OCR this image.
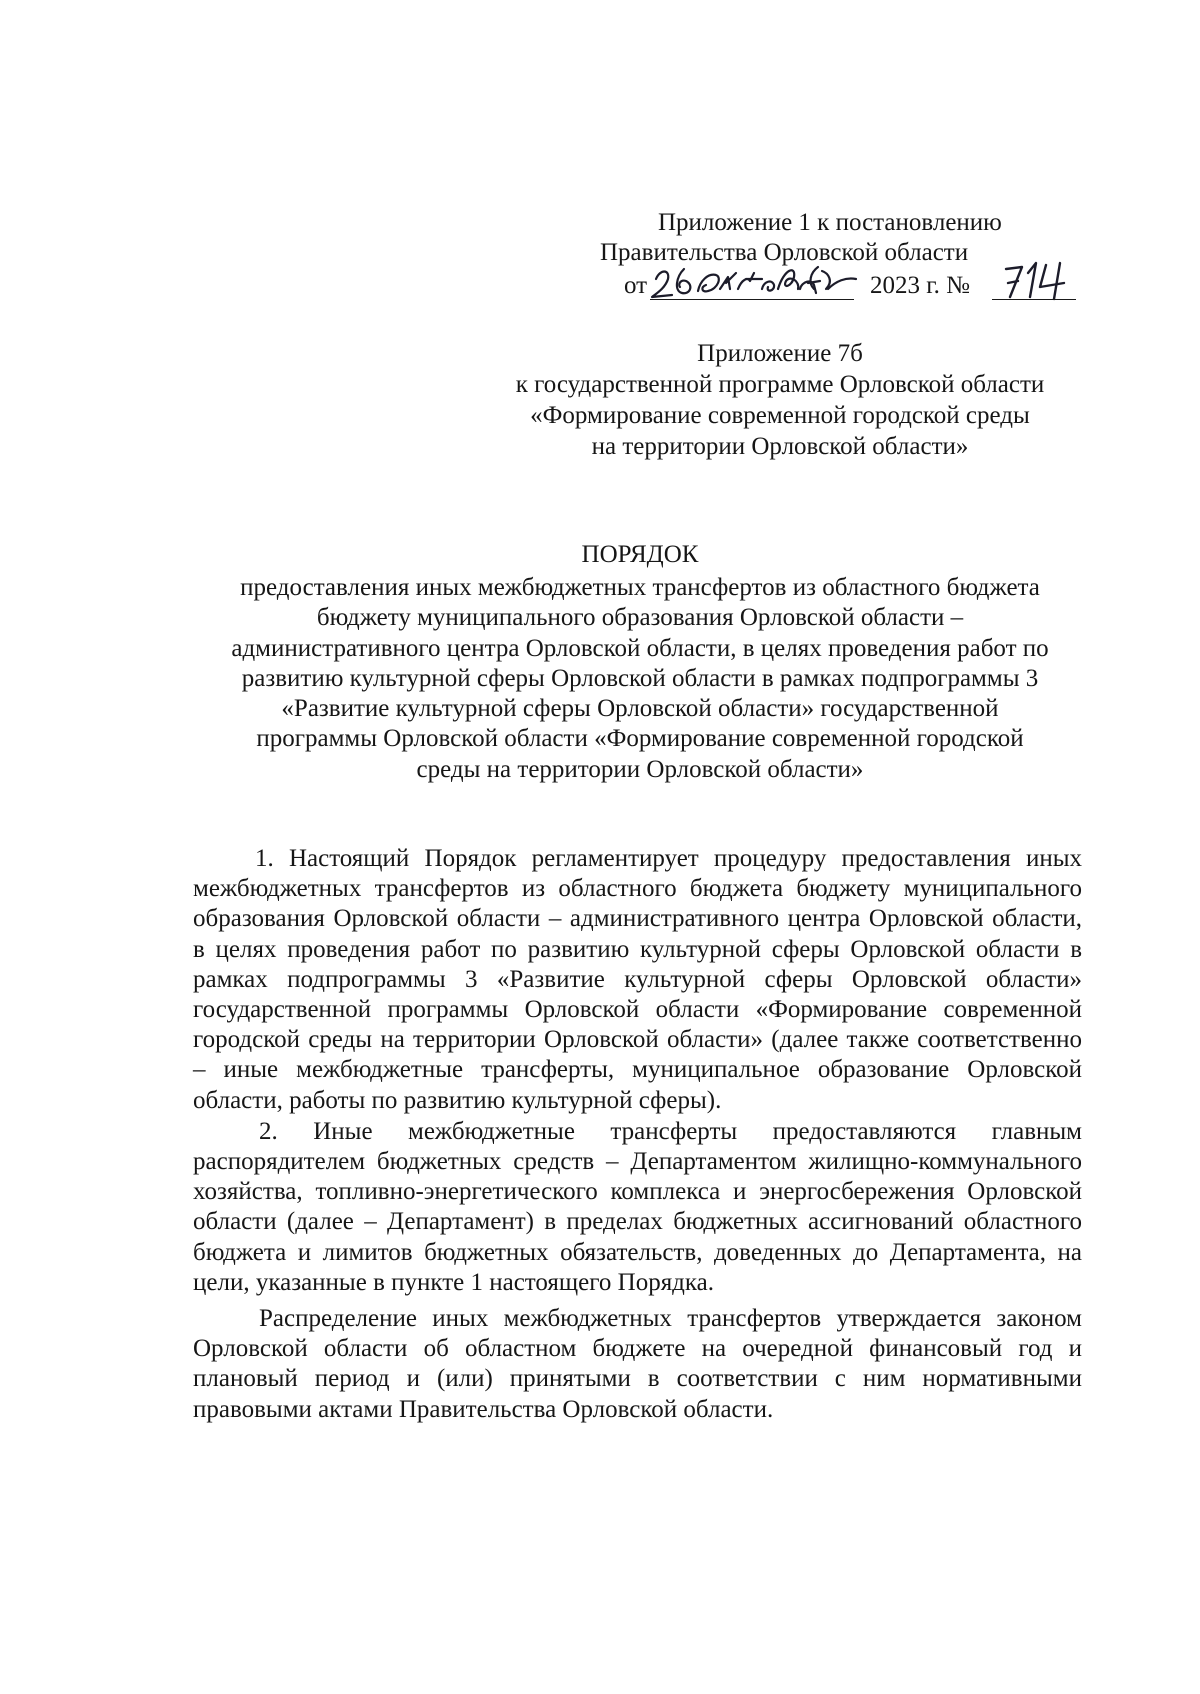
Приложение 1 к постановлению
Правительства Орловской области
от	2023 г. №
Приложение 7б
к государственной программе Орловской области
«Формирование современной городской среды
на территории Орловской области»
ПОРЯДОК
предоставления иных межбюджетных трансфертов из областного бюджета
бюджету муниципального образования Орловской области –
административного центра Орловской области, в целях проведения работ по
развитию культурной сферы Орловской области в рамках подпрограммы 3
«Развитие культурной сферы Орловской области» государственной
программы Орловской области «Формирование современной городской
среды на территории Орловской области»

1. Настоящий Порядок регламентирует процедуру предоставления иных межбюджетных трансфертов из областного бюджета бюджету муниципального образования Орловской области – административного центра Орловской области, в целях проведения работ по развитию культурной сферы Орловской области в рамках подпрограммы 3 «Развитие культурной сферы Орловской области» государственной программы Орловской области «Формирование современной городской среды на территории Орловской области» (далее также соответственно – иные межбюджетные трансферты, муниципальное образование Орловской области, работы по развитию культурной сферы).

2. Иные межбюджетные трансферты предоставляются главным распорядителем бюджетных средств – Департаментом жилищно-коммунального хозяйства, топливно-энергетического комплекса и энергосбережения Орловской области (далее – Департамент) в пределах бюджетных ассигнований областного бюджета и лимитов бюджетных обязательств, доведенных до Департамента, на цели, указанные в пункте 1 настоящего Порядка.

Распределение иных межбюджетных трансфертов утверждается законом Орловской области об областном бюджете на очередной финансовый год и плановый период и (или) принятыми в соответствии с ним нормативными правовыми актами Правительства Орловской области.
